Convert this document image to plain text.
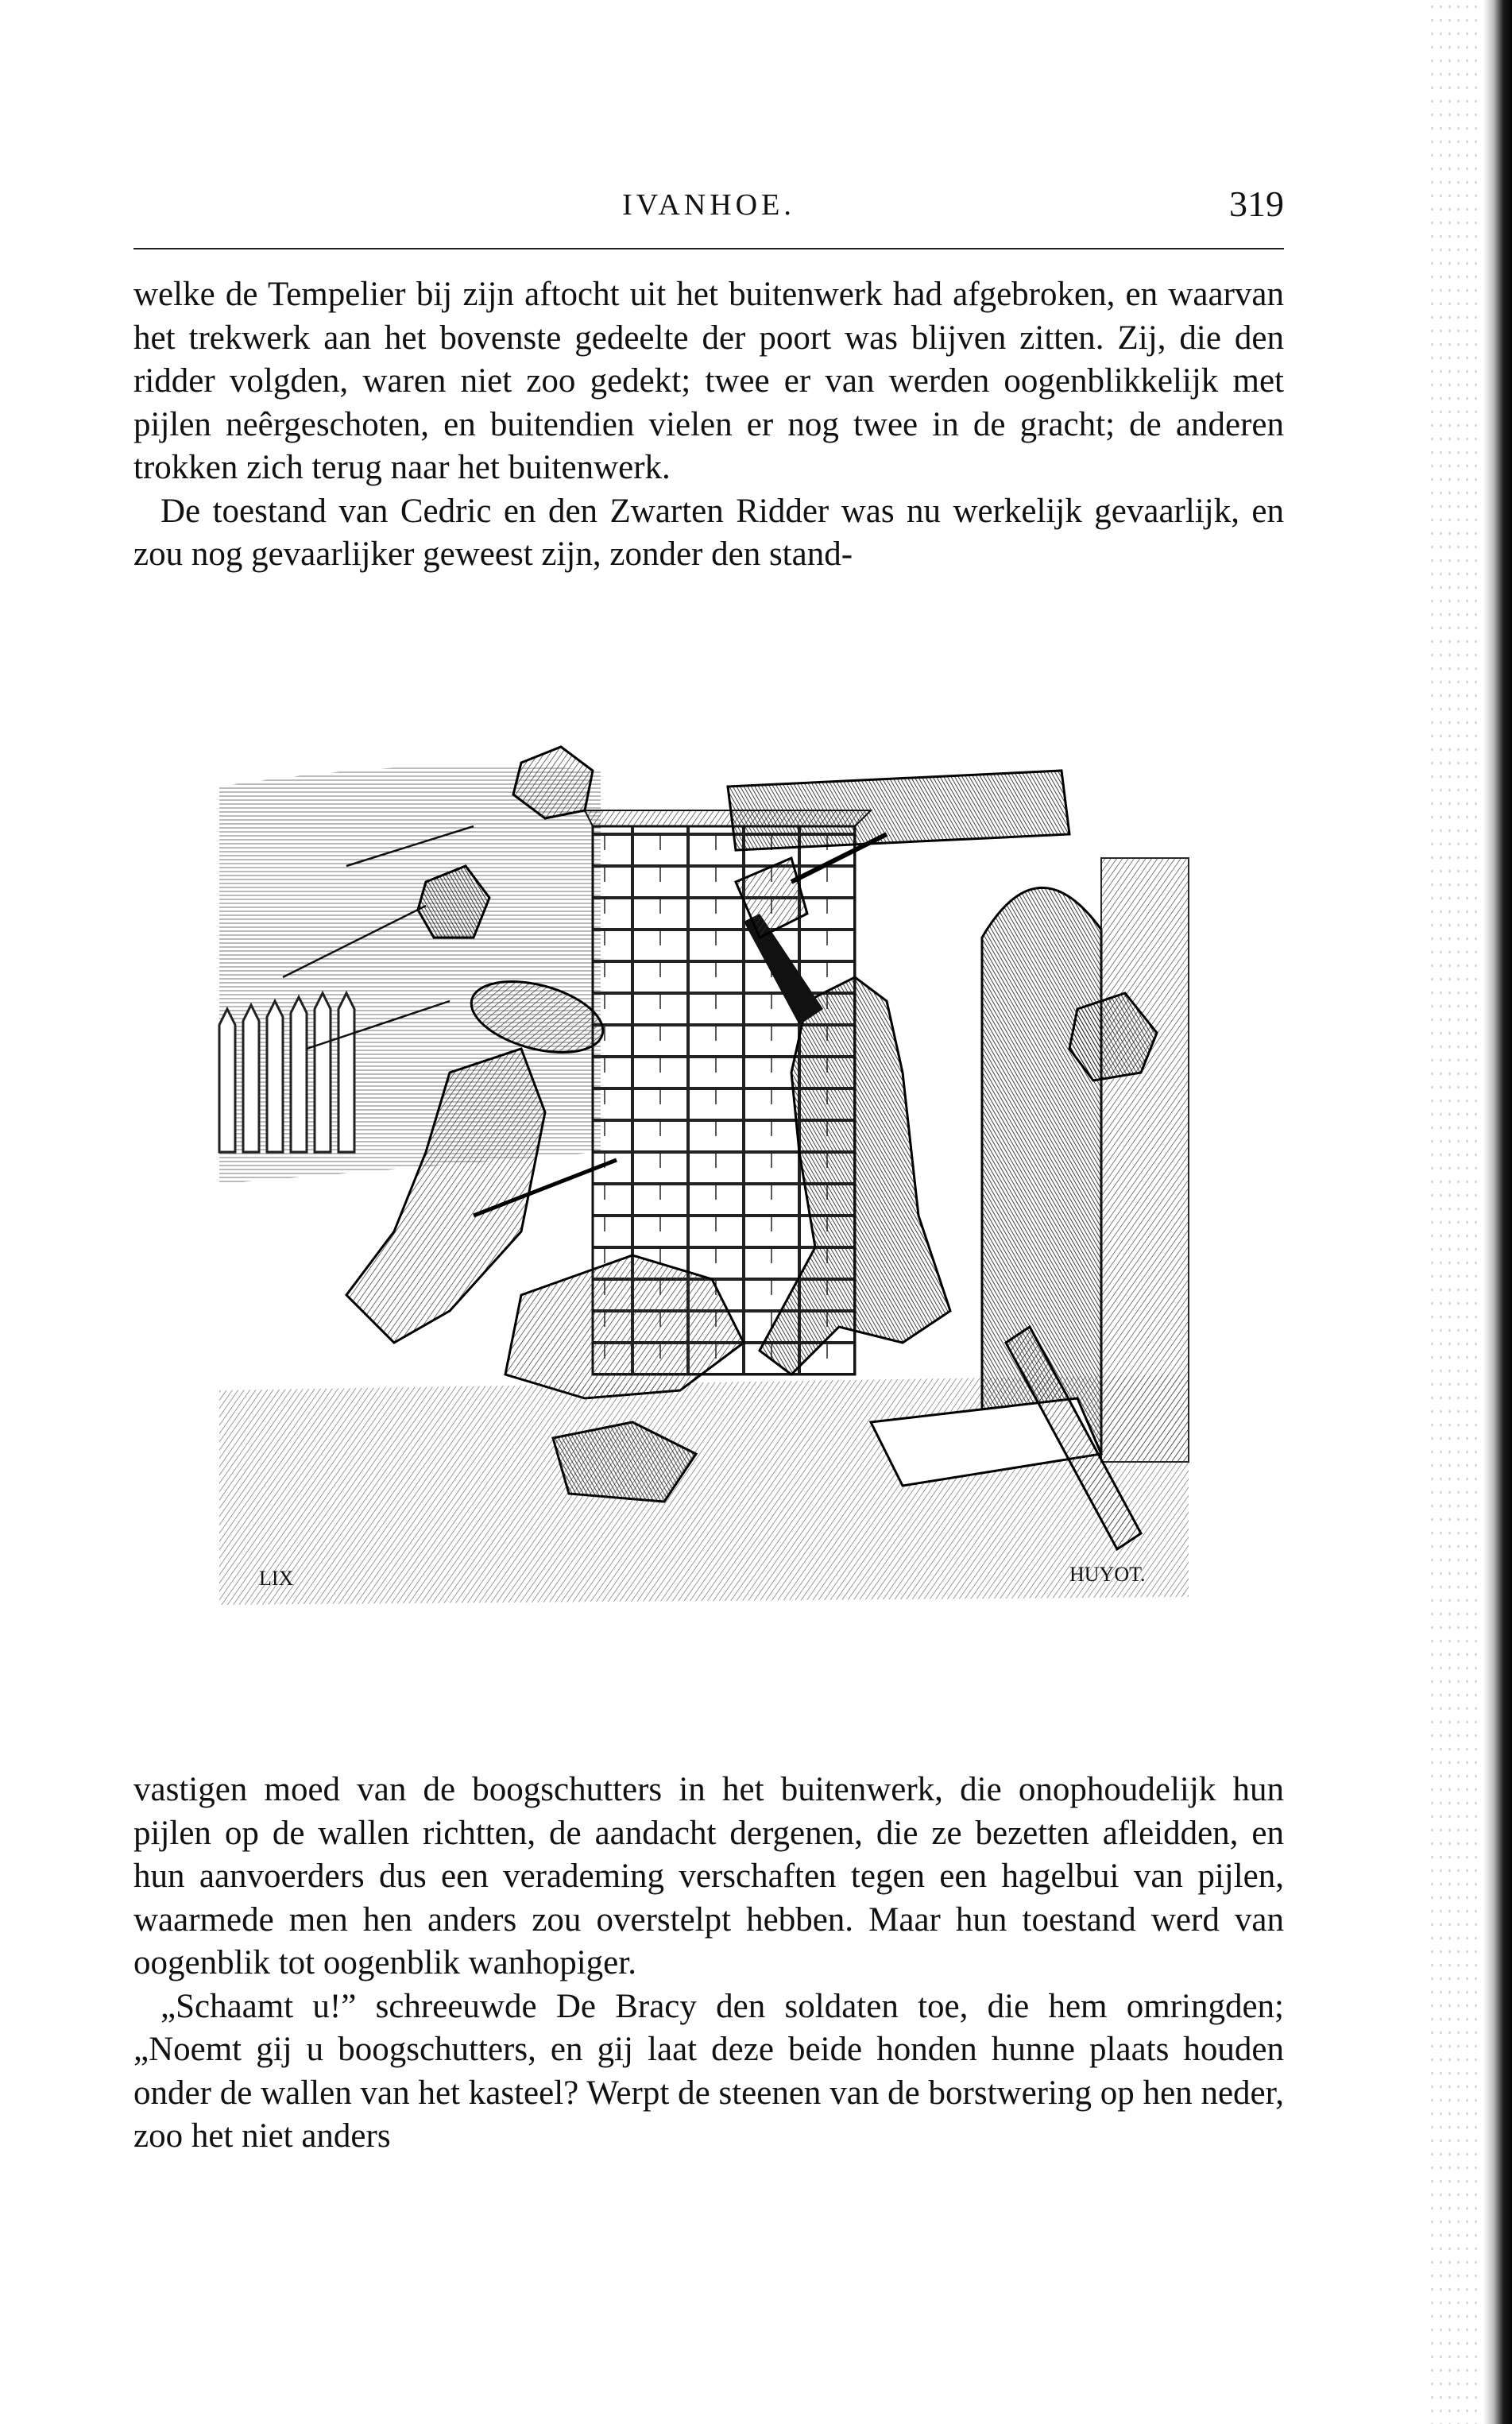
IVANHOE.	319

welke de Tempelier bij zijn aftocht uit het buitenwerk had afgebroken, en waarvan het trekwerk aan het bovenste gedeelte der poort was blijven zitten. Zij, die den ridder volgden, waren niet zoo gedekt; twee er van werden oogenblikkelijk met pijlen neêrgeschoten, en buitendien vielen er nog twee in de gracht; de anderen trokken zich terug naar het buitenwerk.

De toestand van Cedric en den Zwarten Ridder was nu werkelijk gevaarlijk, en zou nog gevaarlijker geweest zijn, zonder den stand-

LIX	HUYOT.

vastigen moed van de boogschutters in het buitenwerk, die onophoudelijk hun pijlen op de wallen richtten, de aandacht dergenen, die ze bezetten afleidden, en hun aanvoerders dus een verademing verschaften tegen een hagelbui van pijlen, waarmede men hen anders zou overstelpt hebben. Maar hun toestand werd van oogenblik tot oogenblik wanhopiger.

„Schaamt u!” schreeuwde De Bracy den soldaten toe, die hem omringden; „Noemt gij u boogschutters, en gij laat deze beide honden hunne plaats houden onder de wallen van het kasteel? Werpt de steenen van de borstwering op hen neder, zoo het niet anders
